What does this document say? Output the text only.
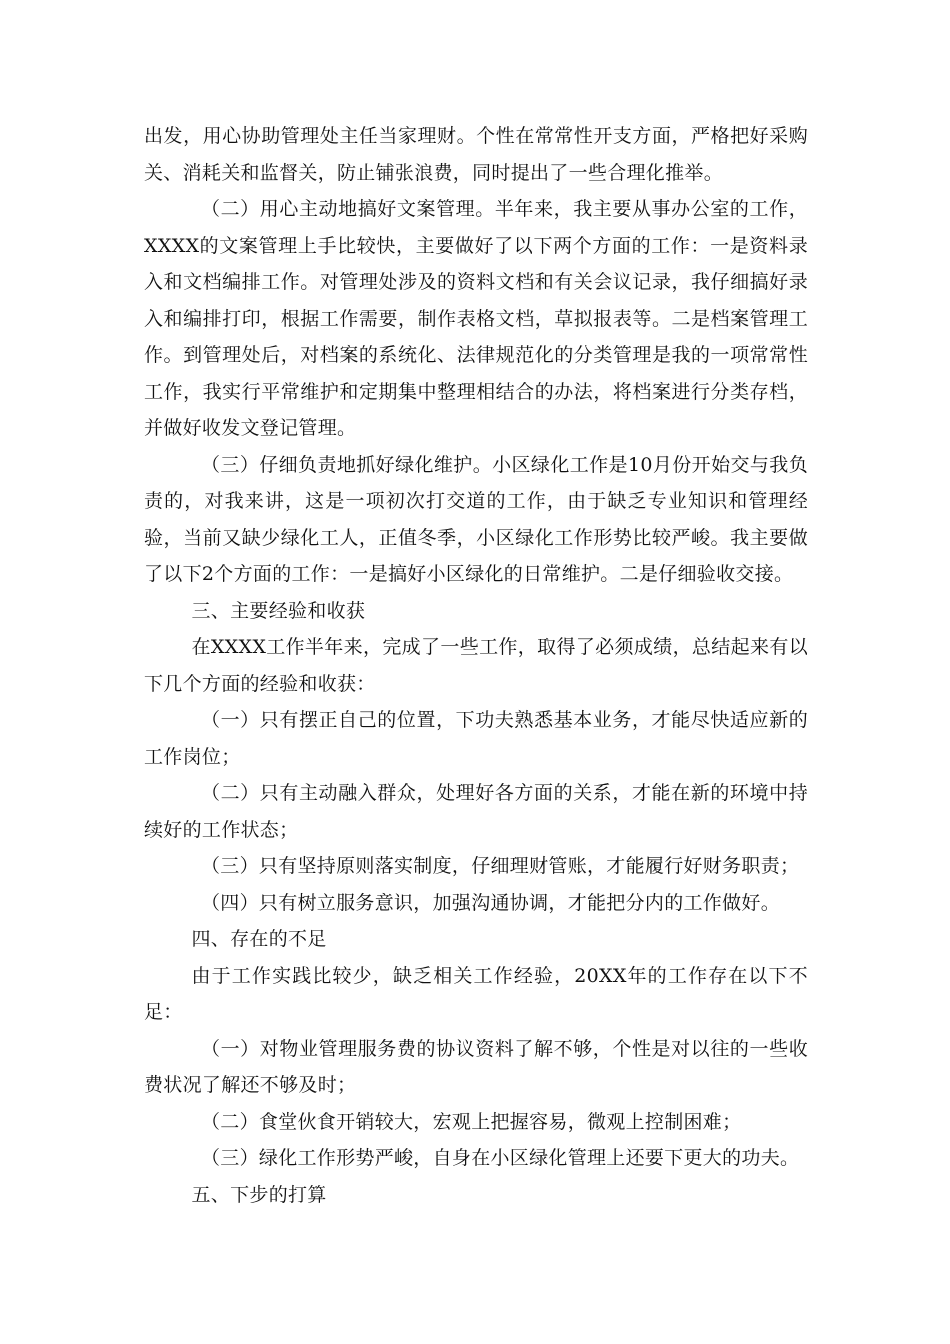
出发，用心协助管理处主任当家理财。个性在常常性开支方面，严格把好采购关、消耗关和监督关，防止铺张浪费，同时提出了一些合理化推举。

（二）用心主动地搞好文案管理。半年来，我主要从事办公室的工作，XXXX的文案管理上手比较快，主要做好了以下两个方面的工作：一是资料录入和文档编排工作。对管理处涉及的资料文档和有关会议记录，我仔细搞好录入和编排打印，根据工作需要，制作表格文档，草拟报表等。二是档案管理工作。到管理处后，对档案的系统化、法律规范化的分类管理是我的一项常常性工作，我实行平常维护和定期集中整理相结合的办法，将档案进行分类存档，并做好收发文登记管理。

（三）仔细负责地抓好绿化维护。小区绿化工作是10月份开始交与我负责的，对我来讲，这是一项初次打交道的工作，由于缺乏专业知识和管理经验，当前又缺少绿化工人，正值冬季，小区绿化工作形势比较严峻。我主要做了以下2个方面的工作：一是搞好小区绿化的日常维护。二是仔细验收交接。

三、主要经验和收获

在XXXX工作半年来，完成了一些工作，取得了必须成绩，总结起来有以下几个方面的经验和收获：

（一）只有摆正自己的位置，下功夫熟悉基本业务，才能尽快适应新的工作岗位；

（二）只有主动融入群众，处理好各方面的关系，才能在新的环境中持续好的工作状态；

（三）只有坚持原则落实制度，仔细理财管账，才能履行好财务职责；

（四）只有树立服务意识，加强沟通协调，才能把分内的工作做好。

四、存在的不足

由于工作实践比较少，缺乏相关工作经验，20XX年的工作存在以下不足：

（一）对物业管理服务费的协议资料了解不够，个性是对以往的一些收费状况了解还不够及时；

（二）食堂伙食开销较大，宏观上把握容易，微观上控制困难；

（三）绿化工作形势严峻，自身在小区绿化管理上还要下更大的功夫。

五、下步的打算
